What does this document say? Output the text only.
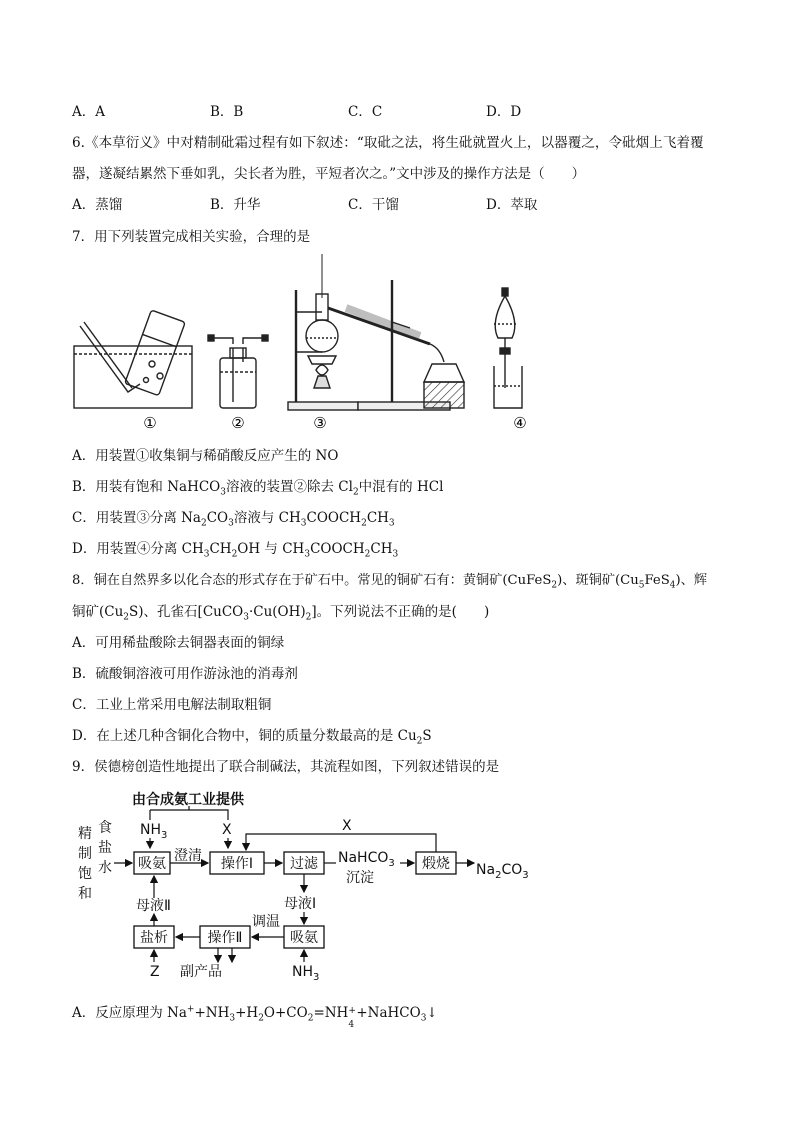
A．A	B．B	C．C	D．D
6.《本草衍义》中对精制砒霜过程有如下叙述：“取砒之法，将生砒就置火上，以器覆之，令砒烟上飞着覆
器，遂凝结累然下垂如乳，尖长者为胜，平短者次之。”文中涉及的操作方法是（　　）
A．蒸馏	B．升华	C．干馏	D．萃取
7．用下列装置完成相关实验，合理的是
①	②	③	④
A．用装置①收集铜与稀硝酸反应产生的 NO
B．用装有饱和 NaHCO$_3$溶液的装置②除去 $Cl_2$中混有的 HCl
C．用装置③分离 $Na_2CO_3$溶液与 $CH_3COOCH_2CH_3$
D．用装置④分离 $CH_3CH_2OH$ 与 $CH_3COOCH_2CH_3$
8．铜在自然界多以化合态的形式存在于矿石中。常见的铜矿石有：黄铜矿(CuFeS$_2$)、斑铜矿$(Cu_5FeS_4)$、辉
铜矿$(Cu_2S)$、孔雀石$[CuCO_3\cdot Cu(OH)_2]$。下列说法不正确的是(　　)
A．可用稀盐酸除去铜器表面的铜绿
B．硫酸铜溶液可用作游泳池的消毒剂
C．工业上常采用电解法制取粗铜
D．在上述几种含铜化合物中，铜的质量分数最高的是 $Cu_2S$
9．侯德榜创造性地提出了联合制碱法，其流程如图，下列叙述错误的是
由合成氨工业提供
精
制
饱
和
食
盐
水
$NH_3$	X	X
澄清	NaHCO$_3$
沉淀	$Na_2CO_3$
母液Ⅰ
母液Ⅱ
调温
Z 副产品	$NH_3$
吸氨	操作Ⅰ	过滤	煅烧
吸氨
操作Ⅱ
盐析
A．反应原理为 $Na^++NH_3+H_2O+CO_2=NH$ +
4
+NaHCO$_3$↓
